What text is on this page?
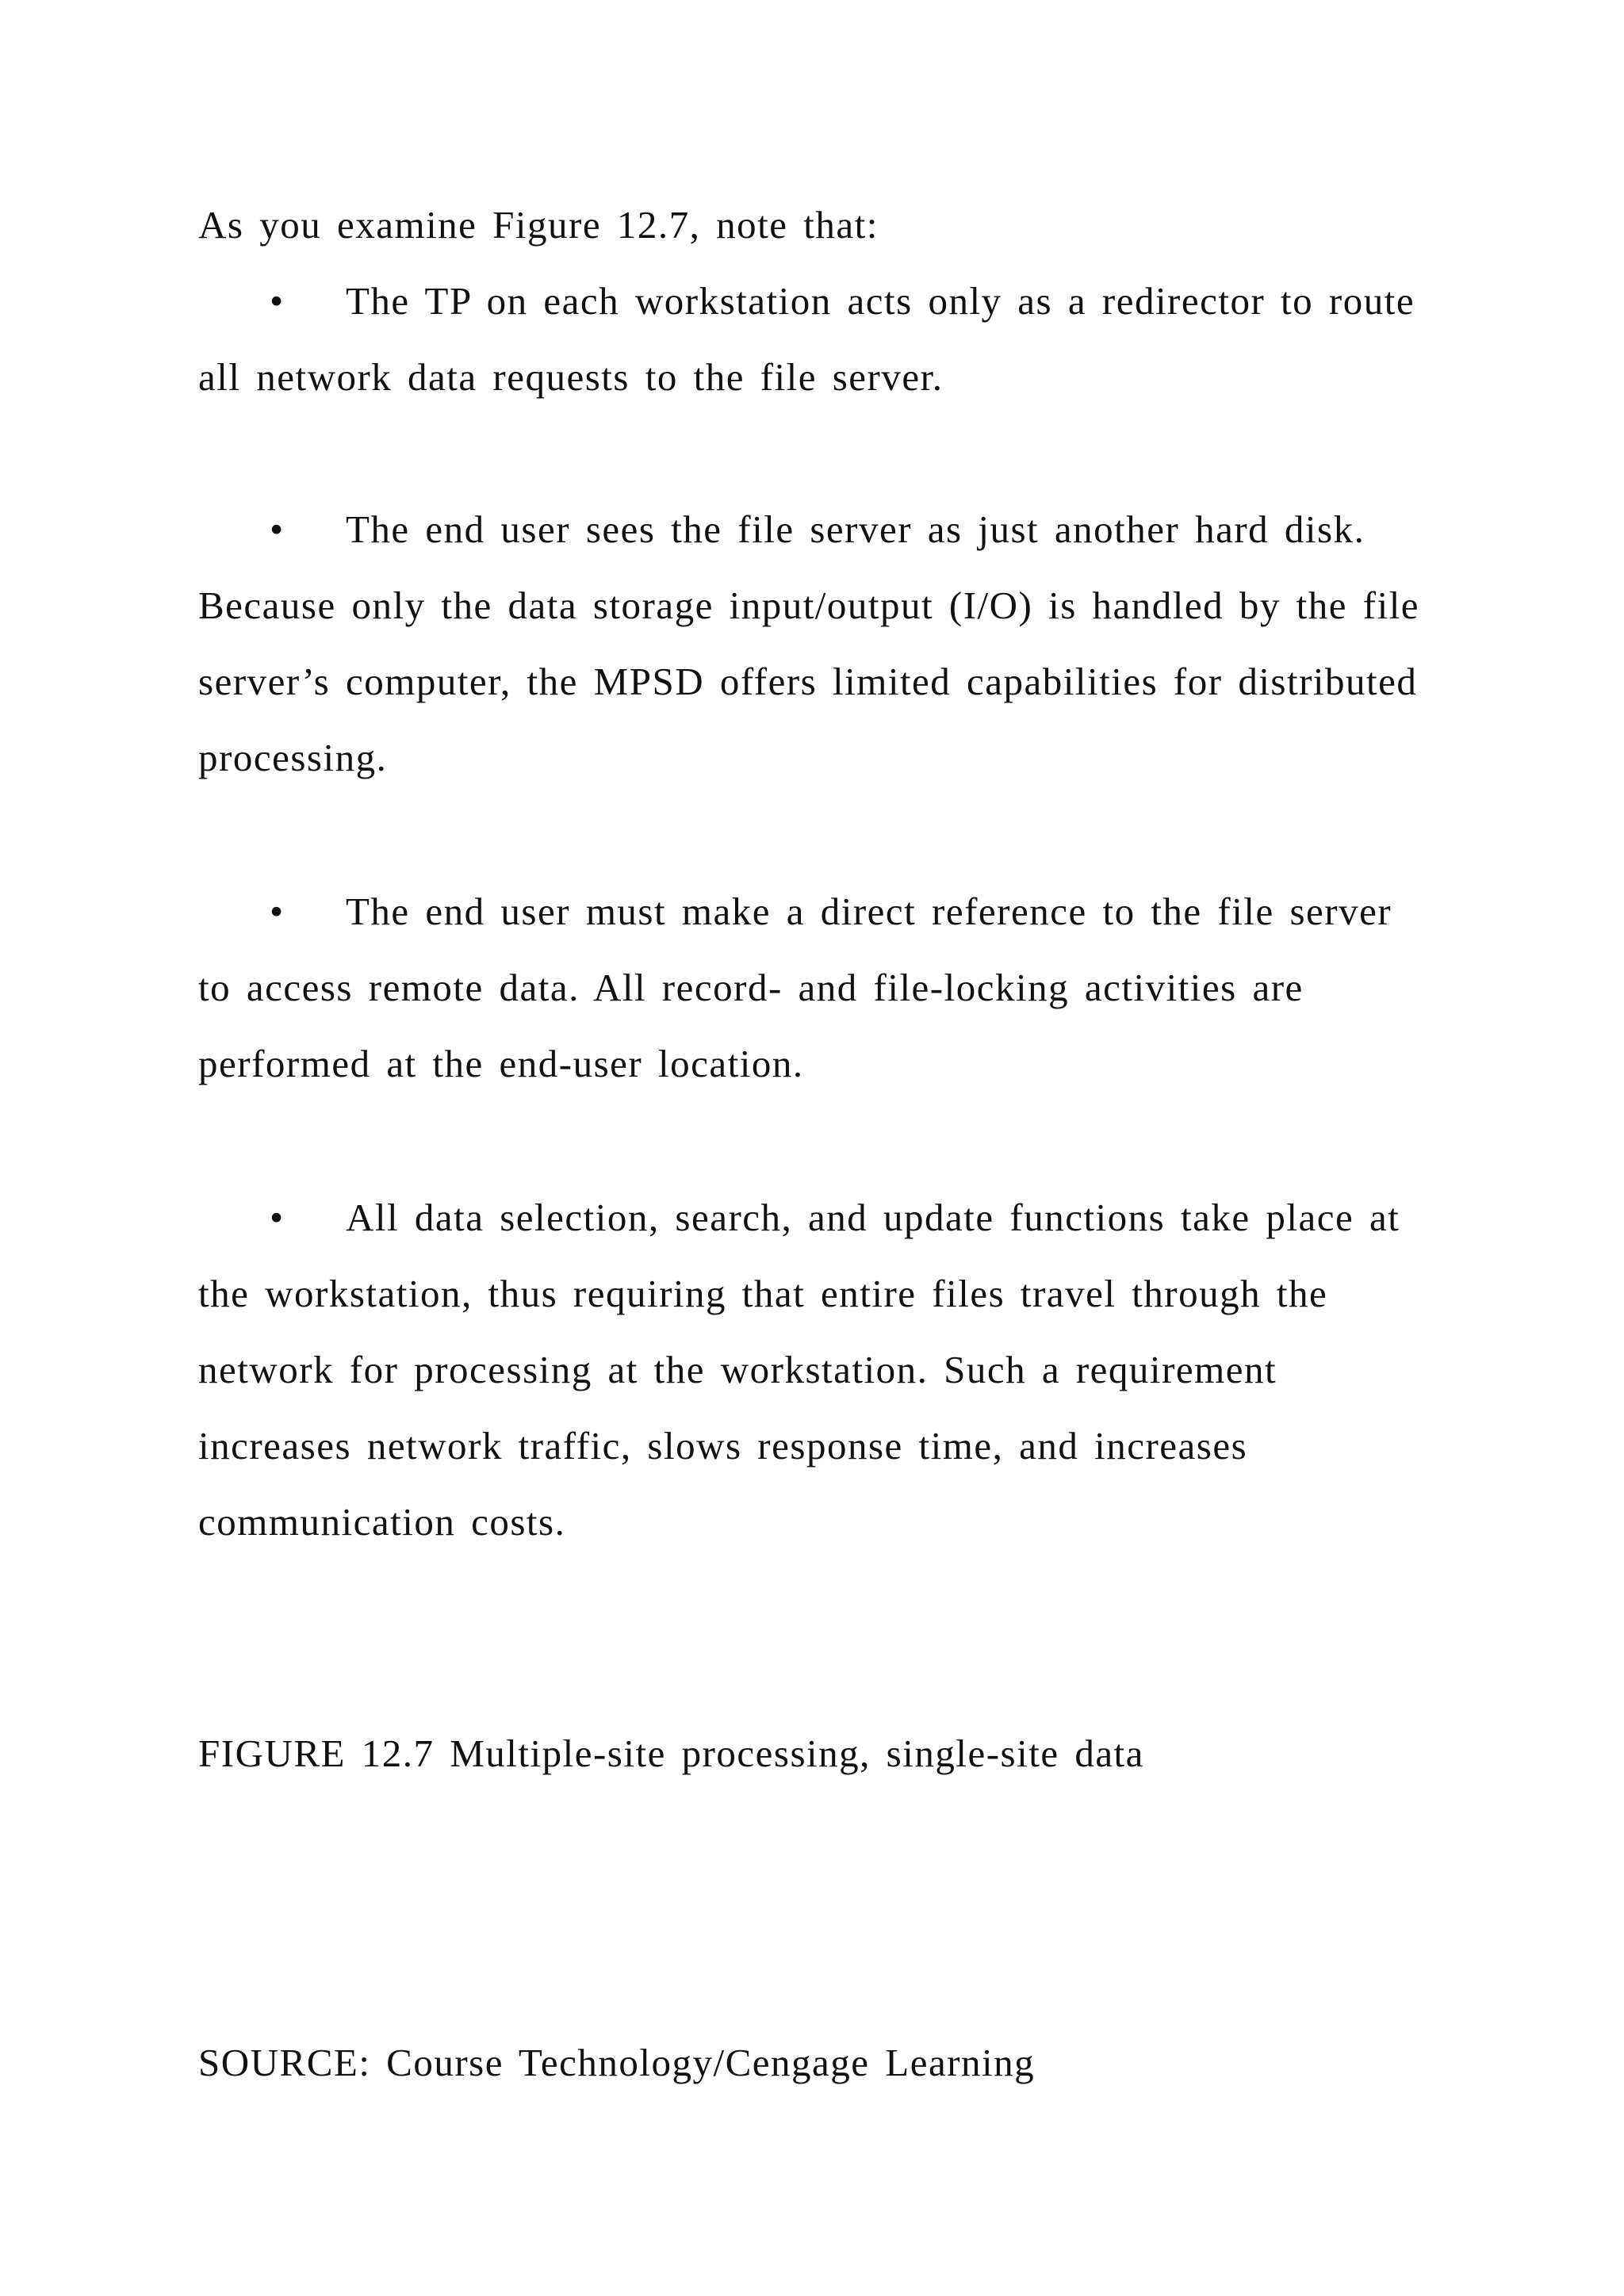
As you examine Figure 12.7, note that:

• The TP on each workstation acts only as a redirector to route all network data requests to the file server.

• The end user sees the file server as just another hard disk. Because only the data storage input/output (I/O) is handled by the file server’s computer, the MPSD offers limited capabilities for distributed processing.

• The end user must make a direct reference to the file server to access remote data. All record- and file-locking activities are performed at the end-user location.

• All data selection, search, and update functions take place at the workstation, thus requiring that entire files travel through the network for processing at the workstation. Such a requirement increases network traffic, slows response time, and increases communication costs.

FIGURE 12.7 Multiple-site processing, single-site data

SOURCE: Course Technology/Cengage Learning
